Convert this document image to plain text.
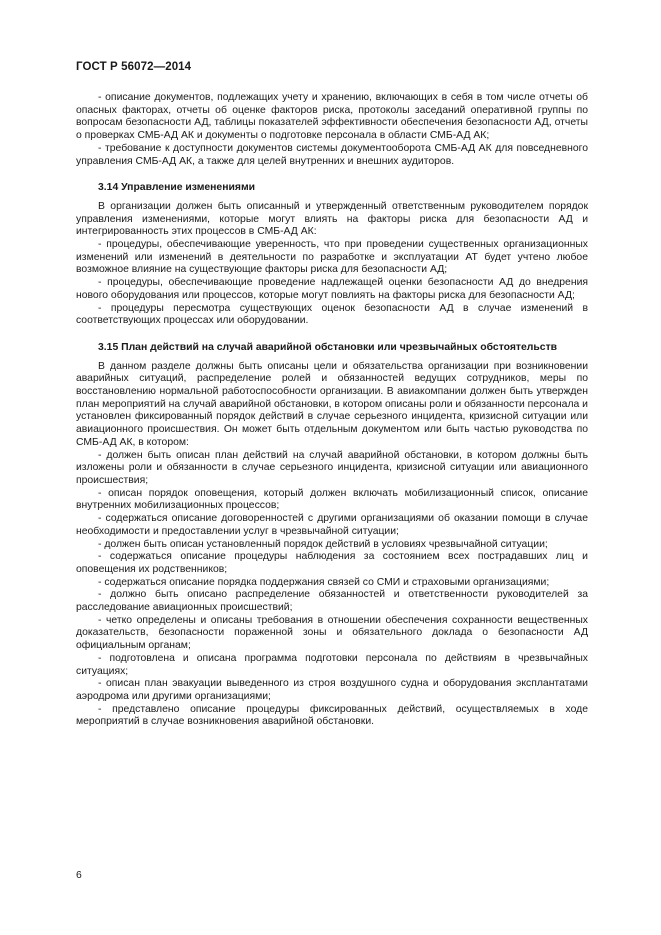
ГОСТ Р 56072—2014

- описание документов, подлежащих учету и хранению, включающих в себя в том числе отчеты об опасных факторах, отчеты об оценке факторов риска, протоколы заседаний оперативной группы по вопросам безопасности АД, таблицы показателей эффективности обеспечения безопасности АД, отчеты о проверках СМБ-АД АК и документы о подготовке персонала в области СМБ-АД АК;

- требование к доступности документов системы документооборота СМБ-АД АК для повседневного управления СМБ-АД АК, а также для целей внутренних и внешних аудиторов.

3.14 Управление изменениями

В организации должен быть описанный и утвержденный ответственным руководителем порядок управления изменениями, которые могут влиять на факторы риска для безопасности АД и интегрированность этих процессов в СМБ-АД АК:

- процедуры, обеспечивающие уверенность, что при проведении существенных организационных изменений или изменений в деятельности по разработке и эксплуатации АТ будет учтено любое возможное влияние на существующие факторы риска для безопасности АД;

- процедуры, обеспечивающие проведение надлежащей оценки безопасности АД до внедрения нового оборудования или процессов, которые могут повлиять на факторы риска для безопасности АД;

- процедуры пересмотра существующих оценок безопасности АД в случае изменений в соответствующих процессах или оборудовании.

3.15 План действий на случай аварийной обстановки или чрезвычайных обстоятельств

В данном разделе должны быть описаны цели и обязательства организации при возникновении аварийных ситуаций, распределение ролей и обязанностей ведущих сотрудников, меры по восстановлению нормальной работоспособности организации. В авиакомпании должен быть утвержден план мероприятий на случай аварийной обстановки, в котором описаны роли и обязанности персонала и установлен фиксированный порядок действий в случае серьезного инцидента, кризисной ситуации или авиационного происшествия. Он может быть отдельным документом или быть частью руководства по СМБ-АД АК, в котором:

- должен быть описан план действий на случай аварийной обстановки, в котором должны быть изложены роли и обязанности в случае серьезного инцидента, кризисной ситуации или авиационного происшествия;

- описан порядок оповещения, который должен включать мобилизационный список, описание внутренних мобилизационных процессов;

- содержаться описание договоренностей с другими организациями об оказании помощи в случае необходимости и предоставлении услуг в чрезвычайной ситуации;

- должен быть описан установленный порядок действий в условиях чрезвычайной ситуации;

- содержаться описание процедуры наблюдения за состоянием всех пострадавших лиц и оповещения их родственников;

- содержаться описание порядка поддержания связей со СМИ и страховыми организациями;

- должно быть описано распределение обязанностей и ответственности руководителей за расследование авиационных происшествий;

- четко определены и описаны требования в отношении обеспечения сохранности вещественных доказательств, безопасности пораженной зоны и обязательного доклада о безопасности АД официальным органам;

- подготовлена и описана программа подготовки персонала по действиям в чрезвычайных ситуациях;

- описан план эвакуации выведенного из строя воздушного судна и оборудования эксплантатами аэродрома или другими организациями;

- представлено описание процедуры фиксированных действий, осуществляемых в ходе мероприятий в случае возникновения аварийной обстановки.

6
